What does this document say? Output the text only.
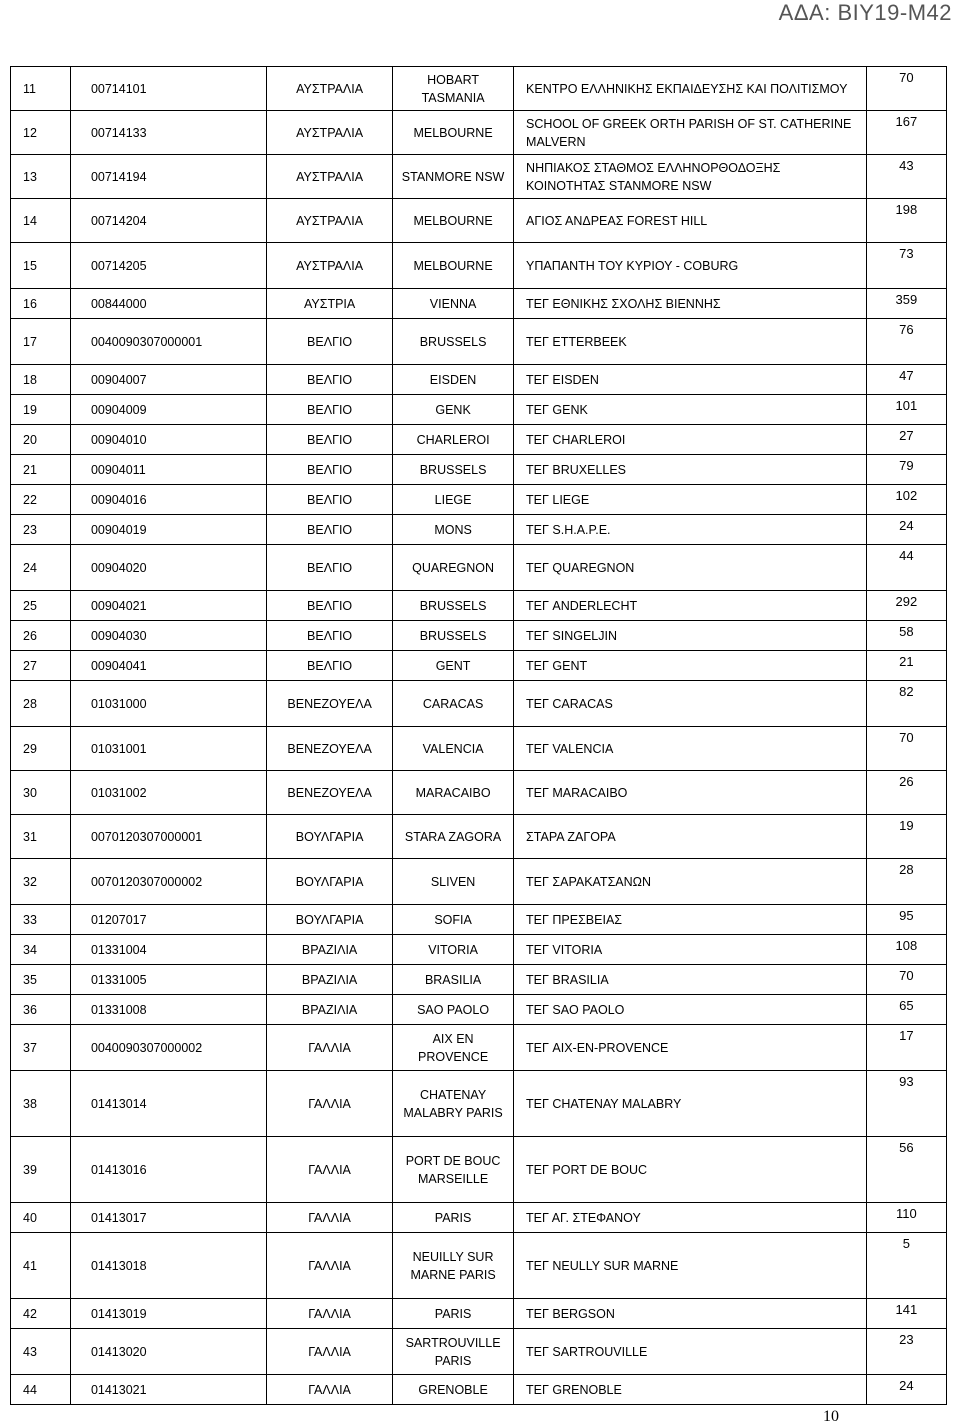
ΑΔΑ: ΒΙΥ19-Μ42
11	00714101	ΑΥΣΤΡΑΛΙΑ	HOBART TASMANIA	ΚΕΝΤΡΟ ΕΛΛΗΝΙΚΗΣ ΕΚΠΑΙΔΕΥΣΗΣ ΚΑΙ ΠΟΛΙΤΙΣΜΟΥ	70
12	00714133	ΑΥΣΤΡΑΛΙΑ	MELBOURNE	SCHOOL OF GREEK ORTH PARISH OF ST. CATHERINE MALVERN	167
13	00714194	ΑΥΣΤΡΑΛΙΑ	STANMORE NSW	ΝΗΠΙΑΚΟΣ ΣΤΑΘΜΟΣ ΕΛΛΗΝΟΡΘΟΔΟΞΗΣ ΚΟΙΝΟΤΗΤΑΣ STANMORE NSW	43
14	00714204	ΑΥΣΤΡΑΛΙΑ	MELBOURNE	ΑΓΙΟΣ ΑΝΔΡΕΑΣ FOREST HILL	198
15	00714205	ΑΥΣΤΡΑΛΙΑ	MELBOURNE	ΥΠΑΠΑΝΤΗ ΤΟΥ ΚΥΡΙΟΥ - COBURG	73
16	00844000	ΑΥΣΤΡΙΑ	VIENNA	ΤΕΓ ΕΘΝΙΚΗΣ ΣΧΟΛΗΣ ΒΙΕΝΝΗΣ	359
17	0040090307000001	ΒΕΛΓΙΟ	BRUSSELS	ΤΕΓ ETTERBEEK	76
18	00904007	ΒΕΛΓΙΟ	EISDEN	ΤΕΓ EISDEN	47
19	00904009	ΒΕΛΓΙΟ	GENK	ΤΕΓ GENK	101
20	00904010	ΒΕΛΓΙΟ	CHARLEROI	ΤΕΓ CHARLEROI	27
21	00904011	ΒΕΛΓΙΟ	BRUSSELS	ΤΕΓ BRUXELLES	79
22	00904016	ΒΕΛΓΙΟ	LIEGE	ΤΕΓ LIEGE	102
23	00904019	ΒΕΛΓΙΟ	MONS	ΤΕΓ S.H.A.P.E.	24
24	00904020	ΒΕΛΓΙΟ	QUAREGNON	ΤΕΓ QUAREGNON	44
25	00904021	ΒΕΛΓΙΟ	BRUSSELS	ΤΕΓ ANDERLECHT	292
26	00904030	ΒΕΛΓΙΟ	BRUSSELS	ΤΕΓ SINGELJIN	58
27	00904041	ΒΕΛΓΙΟ	GENT	ΤΕΓ GENT	21
28	01031000	ΒΕΝΕΖΟΥΕΛΑ	CARACAS	ΤΕΓ CARACAS	82
29	01031001	ΒΕΝΕΖΟΥΕΛΑ	VALENCIA	ΤΕΓ VALENCIA	70
30	01031002	ΒΕΝΕΖΟΥΕΛΑ	MARACAIBO	ΤΕΓ MARACAIBO	26
31	0070120307000001	ΒΟΥΛΓΑΡΙΑ	STARA ZAGORA	ΣΤΑΡΑ ΖΑΓΟΡΑ	19
32	0070120307000002	ΒΟΥΛΓΑΡΙΑ	SLIVEN	ΤΕΓ ΣΑΡΑΚΑΤΣΑΝΩΝ	28
33	01207017	ΒΟΥΛΓΑΡΙΑ	SOFIA	ΤΕΓ ΠΡΕΣΒΕΙΑΣ	95
34	01331004	ΒΡΑΖΙΛΙΑ	VITORIA	ΤΕΓ VITORIA	108
35	01331005	ΒΡΑΖΙΛΙΑ	BRASILIA	ΤΕΓ BRASILIA	70
36	01331008	ΒΡΑΖΙΛΙΑ	SAO PAOLO	ΤΕΓ SAO PAOLO	65
37	0040090307000002	ΓΑΛΛΙΑ	AIX EN PROVENCE	ΤΕΓ AIX-EN-PROVENCE	17
38	01413014	ΓΑΛΛΙΑ	CHATENAY MALABRY PARIS	ΤΕΓ CHATENAY MALABRY	93
39	01413016	ΓΑΛΛΙΑ	PORT DE BOUC MARSEILLE	ΤΕΓ PORT DE BOUC	56
40	01413017	ΓΑΛΛΙΑ	PARIS	ΤΕΓ ΑΓ. ΣΤΕΦΑΝΟΥ	110
41	01413018	ΓΑΛΛΙΑ	NEUILLY SUR MARNE PARIS	ΤΕΓ NEULLY SUR MARNE	5
42	01413019	ΓΑΛΛΙΑ	PARIS	ΤΕΓ BERGSON	141
43	01413020	ΓΑΛΛΙΑ	SARTROUVILLE PARIS	ΤΕΓ SARTROUVILLE	23
44	01413021	ΓΑΛΛΙΑ	GRENOBLE	ΤΕΓ GRENOBLE	24
10
